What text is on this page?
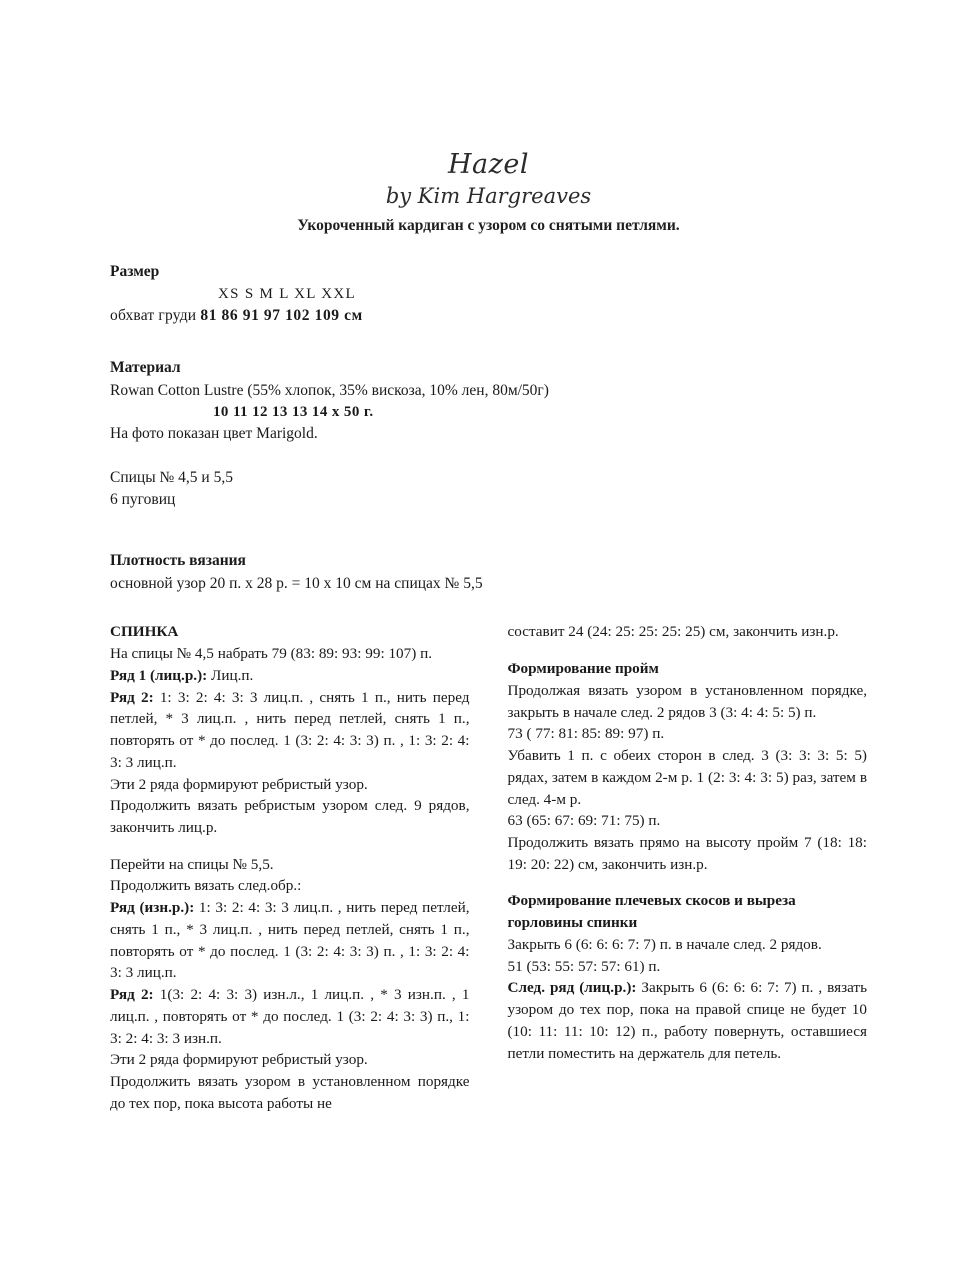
Hazel
by Kim Hargreaves
Укороченный кардиган с узором со снятыми петлями.
Размер

XS S M L XL XXL

обхват груди 81 86 91 97 102 109 см

Материал

Rowan Cotton Lustre (55% хлопок, 35% вискоза, 10% лен, 80м/50г)

10 11 12 13 13 14 x 50 г.

На фото показан цвет Marigold.

Спицы № 4,5 и 5,5

6 пуговиц

Плотность вязания

основной узор 20 п. x 28 р. = 10 x 10 см на спицах № 5,5

СПИНКА

На спицы № 4,5 набрать 79 (83: 89: 93: 99: 107) п.

Ряд 1 (лиц.р.): Лиц.п.

Ряд 2: 1: 3: 2: 4: 3: 3 лиц.п. , снять 1 п., нить перед петлей, * 3 лиц.п. , нить перед петлей, снять 1 п., повторять от * до послед. 1 (3: 2: 4: 3: 3) п. , 1: 3: 2: 4: 3: 3 лиц.п.

Эти 2 ряда формируют ребристый узор.

Продолжить вязать ребристым узором след. 9 рядов, закончить лиц.р.

Перейти на спицы № 5,5.

Продолжить вязать след.обр.:

Ряд (изн.р.): 1: 3: 2: 4: 3: 3 лиц.п. , нить перед петлей, снять 1 п., * 3 лиц.п. , нить перед петлей, снять 1 п., повторять от * до послед. 1 (3: 2: 4: 3: 3) п. , 1: 3: 2: 4: 3: 3 лиц.п.

Ряд 2: 1(3: 2: 4: 3: 3) изн.л., 1 лиц.п. , * 3 изн.п. , 1 лиц.п. , повторять от * до послед. 1 (3: 2: 4: 3: 3) п., 1: 3: 2: 4: 3: 3 изн.п.

Эти 2 ряда формируют ребристый узор.

Продолжить вязать узором в установленном порядке до тех пор, пока высота работы не

составит 24 (24: 25: 25: 25: 25) см, закончить изн.р.

Формирование пройм

Продолжая вязать узором в установленном порядке, закрыть в начале след. 2 рядов 3 (3: 4: 4: 5: 5) п.

73 ( 77: 81: 85: 89: 97) п.

Убавить 1 п. с обеих сторон в след. 3 (3: 3: 3: 5: 5) рядах, затем в каждом 2-м р. 1 (2: 3: 4: 3: 5) раз, затем в след. 4-м р.

63 (65: 67: 69: 71: 75) п.

Продолжить вязать прямо на высоту пройм 7 (18: 18: 19: 20: 22) см, закончить изн.р.

Формирование плечевых скосов и выреза горловины спинки

Закрыть 6 (6: 6: 6: 7: 7) п. в начале след. 2 рядов.

51 (53: 55: 57: 57: 61) п.

След. ряд (лиц.р.): Закрыть 6 (6: 6: 6: 7: 7) п. , вязать узором до тех пор, пока на правой спице не будет 10 (10: 11: 11: 10: 12) п., работу повернуть, оставшиеся петли поместить на держатель для петель.
